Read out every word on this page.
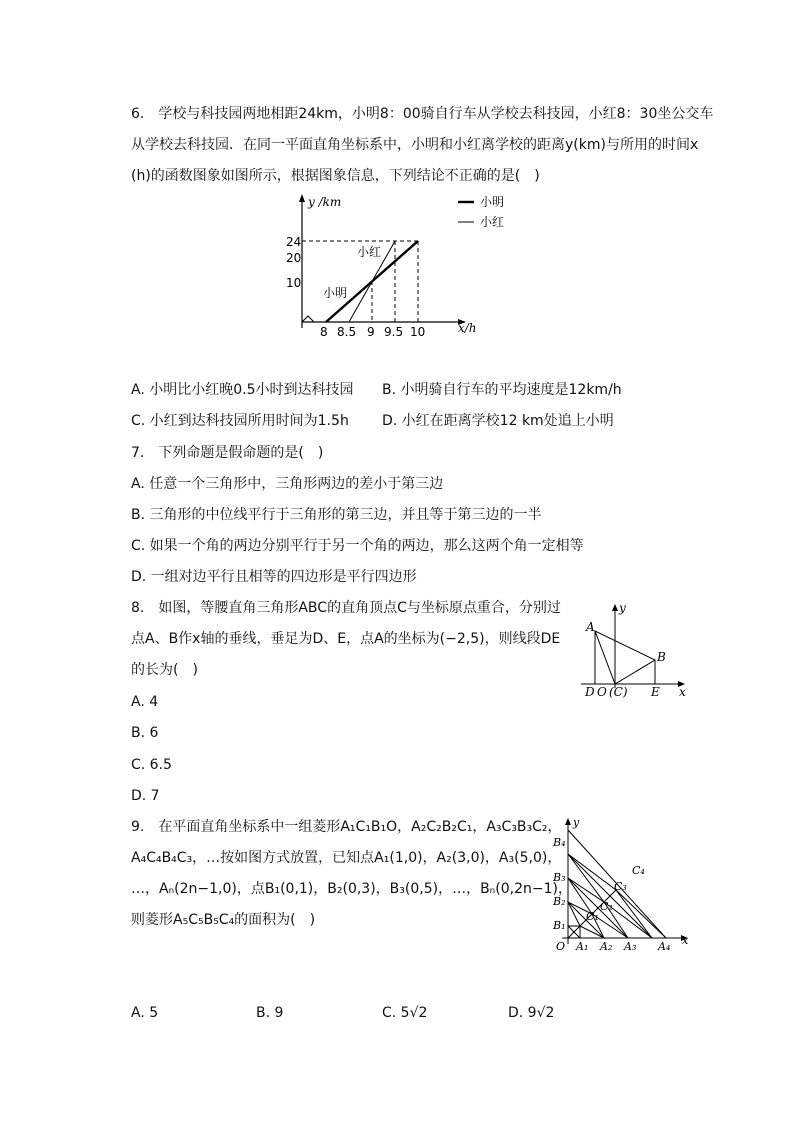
6.　学校与科技园两地相距24km，小明8：00骑自行车从学校去科技园，小红8：30坐公交车
从学校去科技园．在同一平面直角坐标系中，小明和小红离学校的距离y(km)与所用的时间x
(h)的函数图象如图所示，根据图象信息，下列结论不正确的是(　)
24
20
10
8 8.5 9 9.5 10
y /km
x/h
小红
小明
小明
小红
A. 小明比小红晚0.5小时到达科技园 B. 小明骑自行车的平均速度是12km/h
C. 小红到达科技园所用时间为1.5h D. 小红在距离学校12 km处追上小明
7.　下列命题是假命题的是(　)
A. 任意一个三角形中，三角形两边的差小于第三边
B. 三角形的中位线平行于三角形的第三边，并且等于第三边的一半
C. 如果一个角的两边分别平行于另一个角的两边，那么这两个角一定相等
D. 一组对边平行且相等的四边形是平行四边形
8.　如图，等腰直角三角形ABC的直角顶点C与坐标原点重合，分别过
点A、B作x轴的垂线，垂足为D、E，点A的坐标为(−2,5)，则线段DE
的长为(　)
A. 4
B. 6
C. 6.5
D. 7
y
x
A
B
D O (C) E
9.　在平面直角坐标系中一组菱形A₁C₁B₁O，A₂C₂B₂C₁，A₃C₃B₃C₂，
A₄C₄B₄C₃，…按如图方式放置，已知点A₁(1,0)，A₂(3,0)，A₃(5,0)，
…，Aₙ(2n−1,0)，点B₁(0,1)，B₂(0,3)，B₃(0,5)，…，Bₙ(0,2n−1)，
则菱形A₅C₅B₅C₄的面积为(　)
y
x
O
B₁
B₂
B₃
B₄
A₁ A₂ A₃ A₄
C₁
C₂
C₃
C₄
A. 5	B. 9	C. 5√2	D. 9√2
